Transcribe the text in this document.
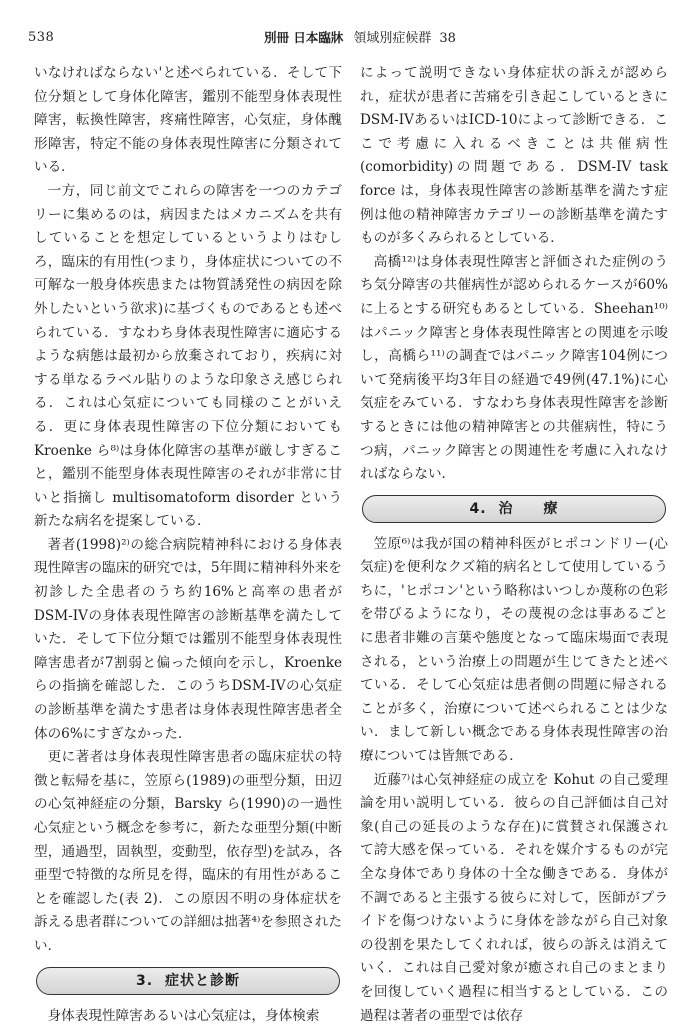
538	別冊 日本臨牀 領域別症候群 38

いなければならない'と述べられている．そして下位分類として身体化障害，鑑別不能型身体表現性障害，転換性障害，疼痛性障害，心気症，身体醜形障害，特定不能の身体表現性障害に分類されている．

一方，同じ前文でこれらの障害を一つのカテゴリーに集めるのは，病因またはメカニズムを共有していることを想定しているというよりはむしろ，臨床的有用性(つまり，身体症状についての不可解な一般身体疾患または物質誘発性の病因を除外したいという欲求)に基づくものであるとも述べられている．すなわち身体表現性障害に適応するような病態は最初から放棄されており，疾病に対する単なるラベル貼りのような印象さえ感じられる．これは心気症についても同様のことがいえる．更に身体表現性障害の下位分類においても Kroenke ら⁸⁾は身体化障害の基準が厳しすぎること，鑑別不能型身体表現性障害のそれが非常に甘いと指摘し multisomatoform disorder という新たな病名を提案している．

著者(1998)²⁾の総合病院精神科における身体表現性障害の臨床的研究では，5年間に精神科外来を初診した全患者のうち約16%と高率の患者がDSM-IVの身体表現性障害の診断基準を満たしていた．そして下位分類では鑑別不能型身体表現性障害患者が7割弱と偏った傾向を示し，Kroenke らの指摘を確認した．このうちDSM-IVの心気症の診断基準を満たす患者は身体表現性障害患者全体の6%にすぎなかった．

更に著者は身体表現性障害患者の臨床症状の特徴と転帰を基に，笠原ら(1989)の亜型分類，田辺の心気神経症の分類，Barsky ら(1990)の一過性心気症という概念を参考に，新たな亜型分類(中断型，通過型，固執型，変動型，依存型)を試み，各亜型で特徴的な所見を得，臨床的有用性があることを確認した(表 2)．この原因不明の身体症状を訴える患者群についての詳細は拙著⁴⁾を参照されたい．

3. 症状と診断

身体表現性障害あるいは心気症は，身体検索

によって説明できない身体症状の訴えが認められ，症状が患者に苦痛を引き起こしているときにDSM-IVあるいはICD-10によって診断できる．ここで考慮に入れるべきことは共催病性(comorbidity)の問題である．DSM-IV task force は，身体表現性障害の診断基準を満たす症例は他の精神障害カテゴリーの診断基準を満たすものが多くみられるとしている．

高橋¹²⁾は身体表現性障害と評価された症例のうち気分障害の共催病性が認められるケースが60%に上るとする研究もあるとしている．Sheehan¹⁰⁾はパニック障害と身体表現性障害との関連を示唆し，高橋ら¹¹⁾の調査ではパニック障害104例について発病後平均3年目の経過で49例(47.1%)に心気症をみている．すなわち身体表現性障害を診断するときには他の精神障害との共催病性，特にうつ病，パニック障害との関連性を考慮に入れなければならない．

4. 治　　療

笠原⁶⁾は我が国の精神科医がヒポコンドリー(心気症)を便利なクズ箱的病名として使用しているうちに，'ヒポコン'という略称はいつしか蔑称の色彩を帯びるようになり，その蔑視の念は事あるごとに患者非難の言葉や態度となって臨床場面で表現される，という治療上の問題が生じてきたと述べている．そして心気症は患者側の問題に帰されることが多く，治療について述べられることは少ない．まして新しい概念である身体表現性障害の治療については皆無である．

近藤⁷⁾は心気神経症の成立を Kohut の自己愛理論を用い説明している．彼らの自己評価は自己対象(自己の延長のような存在)に賞賛され保護されて誇大感を保っている．それを媒介するものが完全な身体であり身体の十全な働きである．身体が不調であると主張する彼らに対して，医師がプライドを傷つけないように身体を診ながら自己対象の役割を果たしてくれれば，彼らの訴えは消えていく．これは自己愛対象が癒され自己のまとまりを回復していく過程に相当するとしている．この過程は著者の亜型では依存
